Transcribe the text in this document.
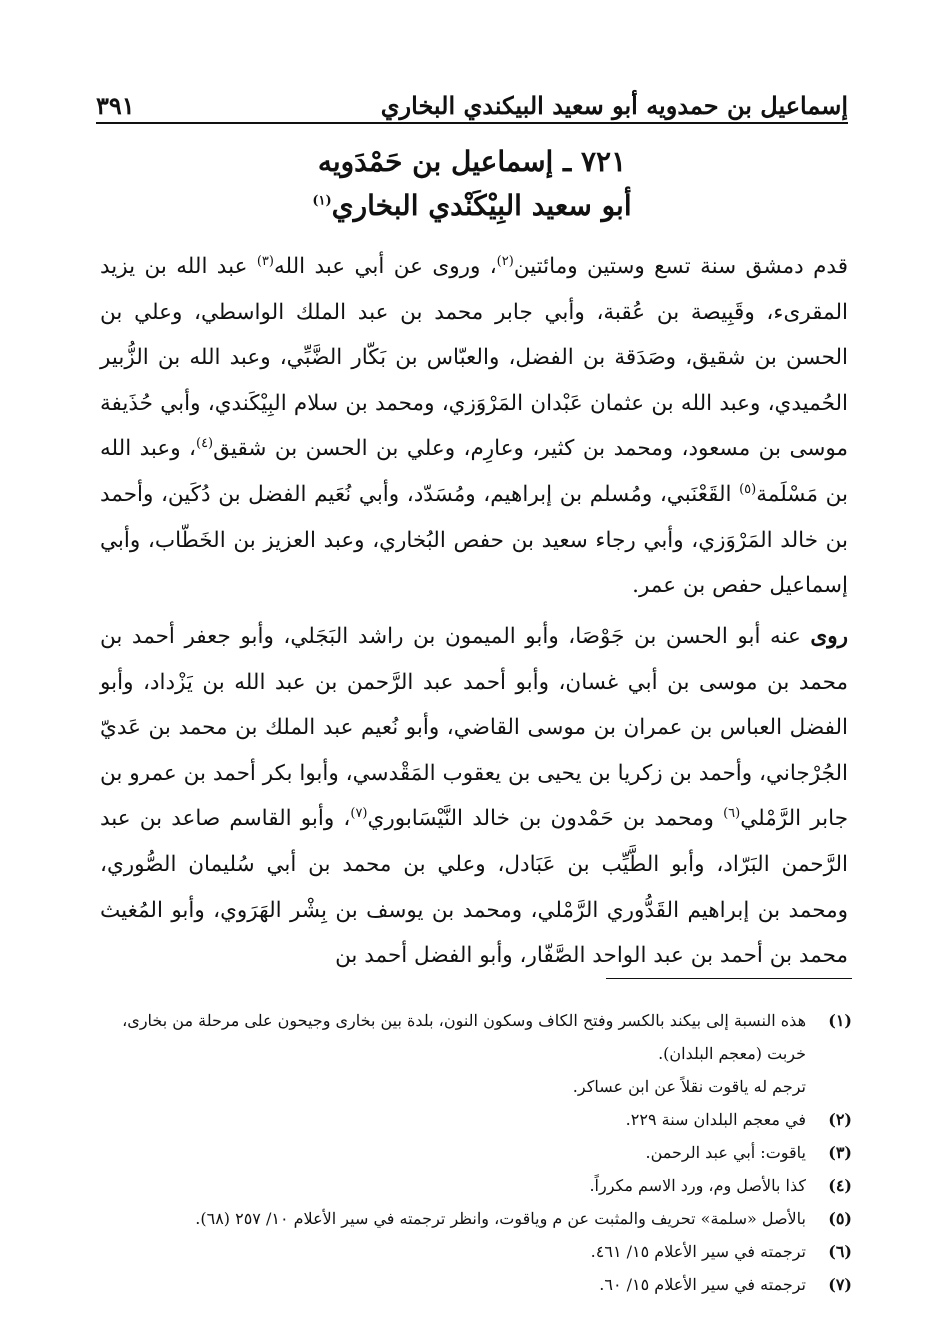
إسماعيل بن حمدويه أبو سعيد البيكندي البخاري
٣٩١
٧٢١ ـ إسماعيل بن حَمْدَويه
أبو سعيد البِيْكَنْدي البخاري$^{(١)}$

قدم دمشق سنة تسع وستين ومائتين$^{(٢)}$، وروى عن أبي عبد الله$^{(٣)}$ عبد الله بن يزيد المقرىء، وقَبِيصة بن عُقبة، وأبي جابر محمد بن عبد الملك الواسطي، وعلي بن الحسن بن شقيق، وصَدَقة بن الفضل، والعبّاس بن بَكّار الضَّبِّي، وعبد الله بن الزُّبير الحُميدي، وعبد الله بن عثمان عَبْدان المَرْوَزي، ومحمد بن سلام البِيْكَندي، وأبي حُذَيفة موسى بن مسعود، ومحمد بن كثير، وعارِم، وعلي بن الحسن بن شقيق$^{(٤)}$، وعبد الله بن مَسْلَمة$^{(٥)}$ القَعْنَبي، ومُسلم بن إبراهيم، ومُسَدّد، وأبي نُعَيم الفضل بن دُكَين، وأحمد بن خالد المَرْوَزي، وأبي رجاء سعيد بن حفص البُخاري، وعبد العزيز بن الخَطّاب، وأبي إسماعيل حفص بن عمر.

روى عنه أبو الحسن بن جَوْصَا، وأبو الميمون بن راشد البَجَلي، وأبو جعفر أحمد بن محمد بن موسى بن أبي غسان، وأبو أحمد عبد الرَّحمن بن عبد الله بن يَزْداد، وأبو الفضل العباس بن عمران بن موسى القاضي، وأبو نُعيم عبد الملك بن محمد بن عَديّ الجُرْجاني، وأحمد بن زكريا بن يحيى بن يعقوب المَقْدسي، وأبوا بكر أحمد بن عمرو بن جابر الرَّمْلي$^{(٦)}$ ومحمد بن حَمْدون بن خالد النَّيْسَابوري$^{(٧)}$، وأبو القاسم صاعد بن عبد الرَّحمن البَرّاد، وأبو الطَّيِّب بن عَبَادل، وعلي بن محمد بن أبي سُليمان الصُّوري، ومحمد بن إبراهيم القَدُّوري الرَّمْلي، ومحمد بن يوسف بن بِشْر الهَرَوي، وأبو المُغيث محمد بن أحمد بن عبد الواحد الصَّفّار، وأبو الفضل أحمد بن

(١)
هذه النسبة إلى بيكند بالكسر وفتح الكاف وسكون النون، بلدة بين بخارى وجيحون على مرحلة من بخارى، خربت (معجم البلدان).
ترجم له ياقوت نقلاً عن ابن عساكر.
(٢)
في معجم البلدان سنة ٢٢٩.
(٣)
ياقوت: أبي عبد الرحمن.
(٤)
كذا بالأصل وم، ورد الاسم مكرراً.
(٥)
بالأصل «سلمة» تحريف والمثبت عن م وياقوت، وانظر ترجمته في سير الأعلام ١٠/ ٢٥٧ (٦٨).
(٦)
ترجمته في سير الأعلام ١٥/ ٤٦١.
(٧)
ترجمته في سير الأعلام ١٥/ ٦٠.
